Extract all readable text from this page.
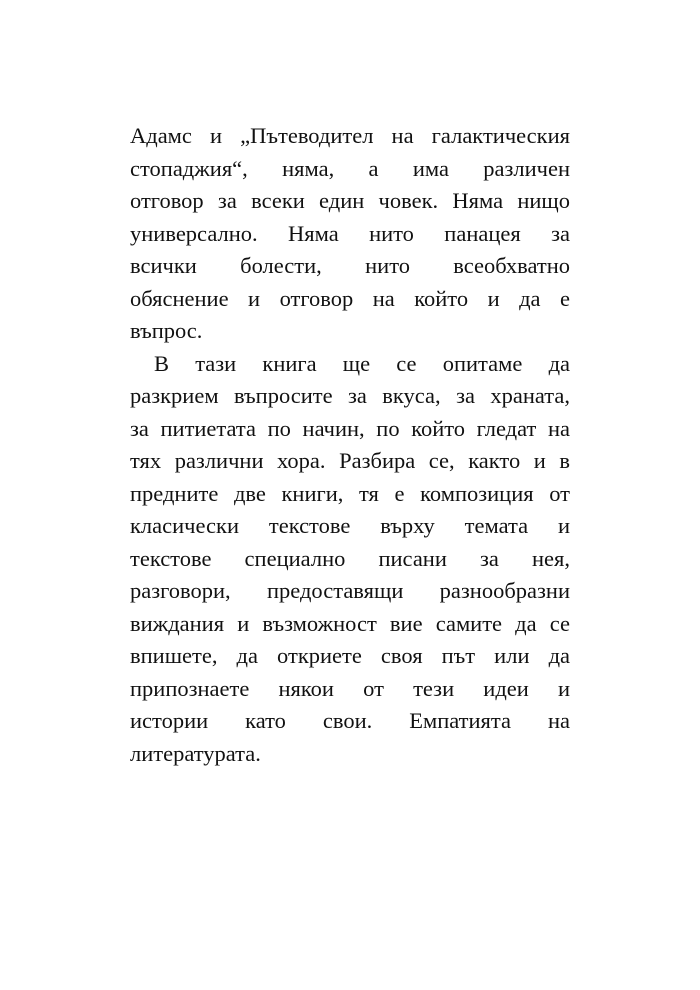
Адамс и „Пътеводител на галактическия
стопаджия“, няма, а има различен
отговор за всеки един човек. Няма нищо
универсално. Няма нито панацея за
всички болести, нито всеобхватно
обяснение и отговор на който и да е
въпрос.
В тази книга ще се опитаме да
разкрием въпросите за вкуса, за храната,
за питиетата по начин, по който гледат на
тях различни хора. Разбира се, както и в
предните две книги, тя е композиция от
класически текстове върху темата и
текстове специално писани за нея,
разговори, предоставящи разнообразни
виждания и възможност вие самите да се
впишете, да откриете своя път или да
припознаете някои от тези идеи и
истории като свои. Емпатията на
литературата.
